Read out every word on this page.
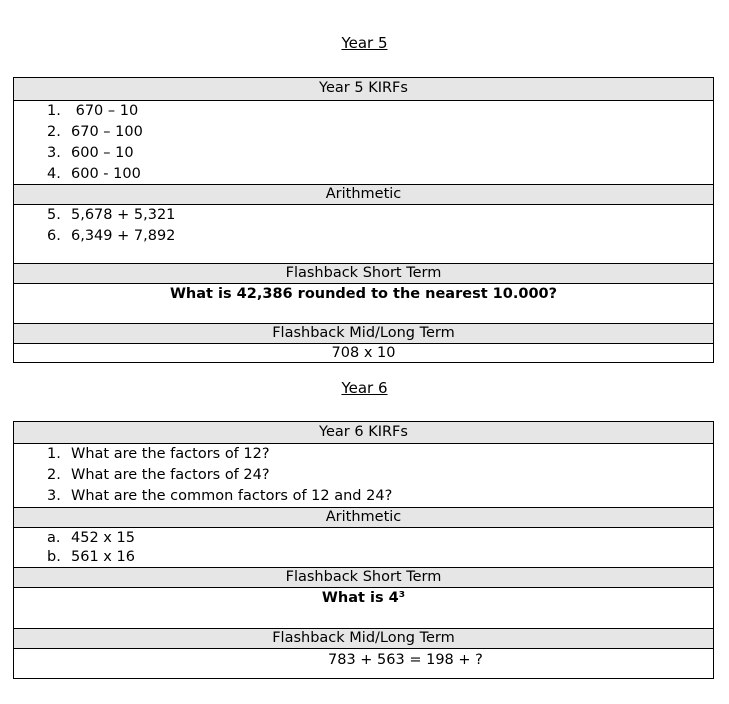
Year 5
Year 5 KIRFs
1. 670 – 10
2. 670 – 100
3. 600 – 10
4. 600 - 100
Arithmetic
5. 5,678 + 5,321
6. 6,349 + 7,892
Flashback Short Term
What is 42,386 rounded to the nearest 10.000?
Flashback Mid/Long Term
708 x 10
Year 6
Year 6 KIRFs
1. What are the factors of 12?
2. What are the factors of 24?
3. What are the common factors of 12 and 24?
Arithmetic
a. 452 x 15
b. 561 x 16
Flashback Short Term
What is 4³
Flashback Mid/Long Term
783 + 563 = 198 + ?
